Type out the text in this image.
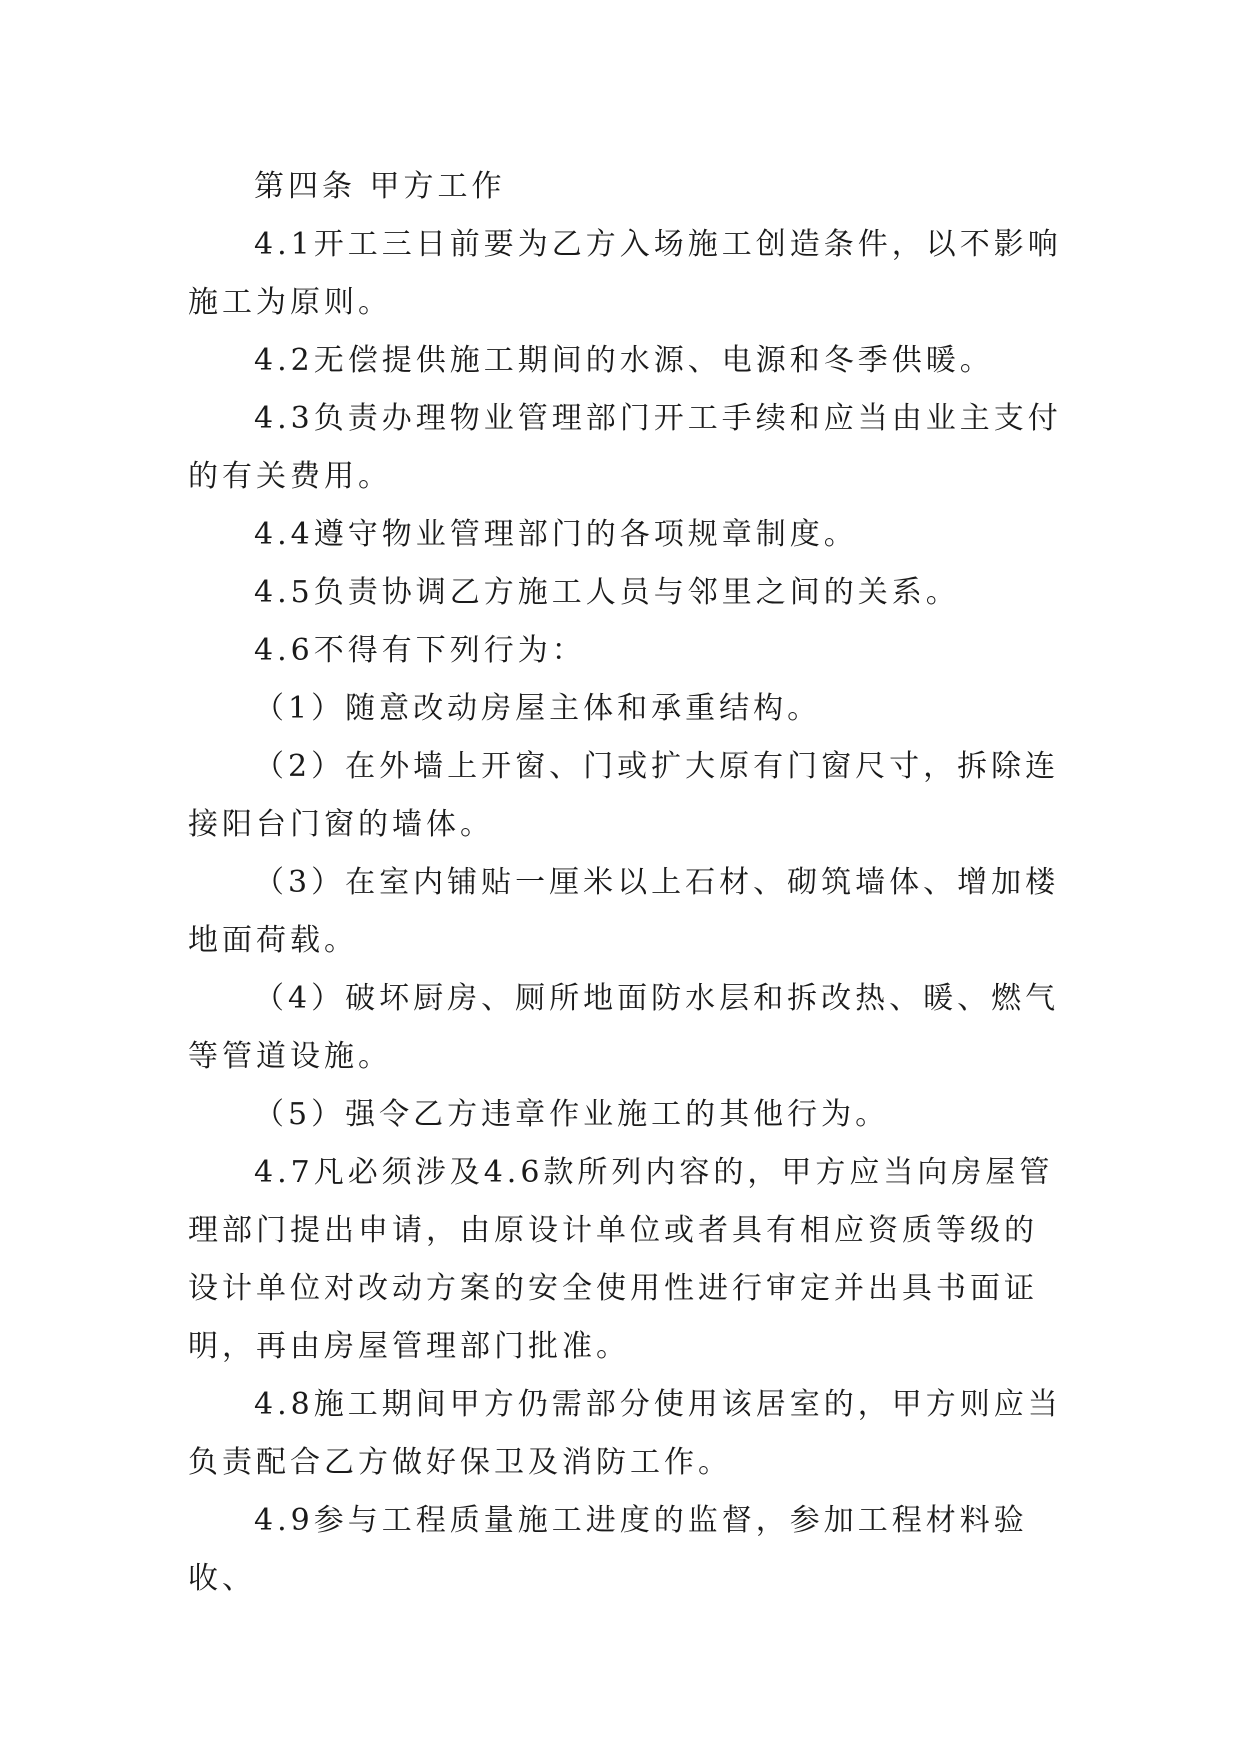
第四条 甲方工作

4.1开工三日前要为乙方入场施工创造条件，以不影响施工为原则。

4.2无偿提供施工期间的水源、电源和冬季供暖。

4.3负责办理物业管理部门开工手续和应当由业主支付的有关费用。

4.4遵守物业管理部门的各项规章制度。

4.5负责协调乙方施工人员与邻里之间的关系。

4.6不得有下列行为：

（1）随意改动房屋主体和承重结构。

（2）在外墙上开窗、门或扩大原有门窗尺寸，拆除连接阳台门窗的墙体。

（3）在室内铺贴一厘米以上石材、砌筑墙体、增加楼地面荷载。

（4）破坏厨房、厕所地面防水层和拆改热、暖、燃气等管道设施。

（5）强令乙方违章作业施工的其他行为。

4.7凡必须涉及4.6款所列内容的，甲方应当向房屋管理部门提出申请，由原设计单位或者具有相应资质等级的设计单位对改动方案的安全使用性进行审定并出具书面证明，再由房屋管理部门批准。

4.8施工期间甲方仍需部分使用该居室的，甲方则应当负责配合乙方做好保卫及消防工作。

4.9参与工程质量施工进度的监督，参加工程材料验收、
